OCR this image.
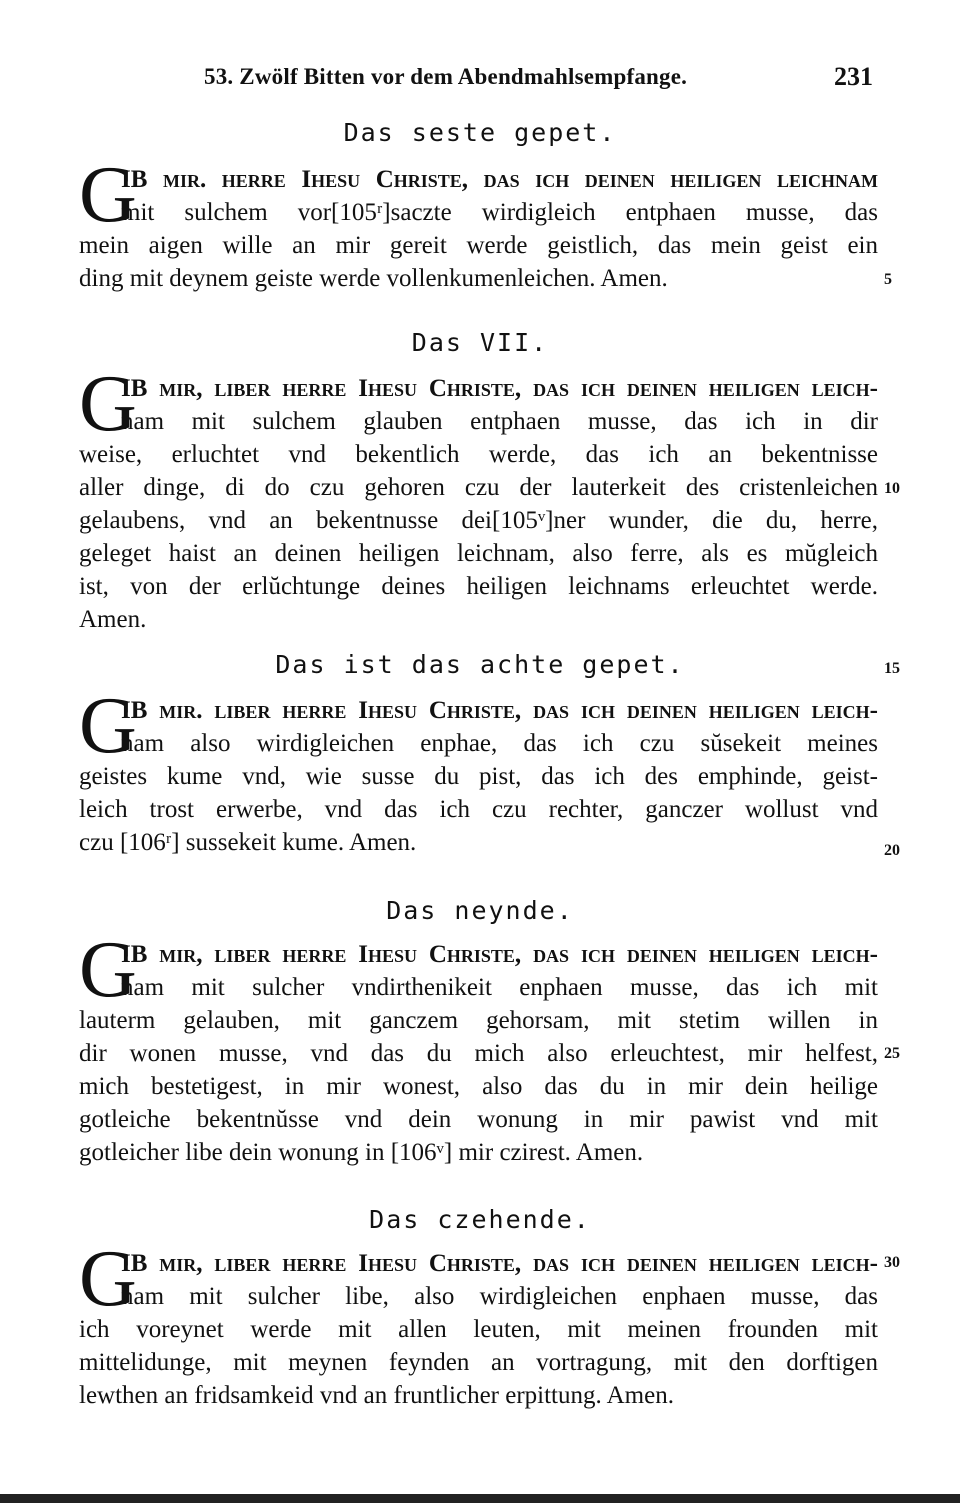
53. Zwölf Bitten vor dem Abendmahlsempfange.	231
Das seste gepet.
G
IB mir. herre Ihesu Christe, das ich deinen heiligen leichnam
mit sulchem vor[105ʳ]saczte wirdigleich entphaen musse, das
mein aigen wille an mir gereit werde geistlich, das mein geist ein
ding mit deynem geiste werde vollenkumenleichen. Amen.	5
Das VII.
G
IB mir, liber herre Ihesu Christe, das ich deinen heiligen leich-
nam mit sulchem glauben entphaen musse, das ich in dir
weise, erluchtet vnd bekentlich werde, das ich an bekentnisse
aller dinge, di do czu gehoren czu der lauterkeit des cristenleichen
gelaubens, vnd an bekentnusse dei[105ᵛ]ner wunder, die du, herre,
geleget haist an deinen heiligen leichnam, also ferre, als es mŭgleich
ist, von der erlŭchtunge deines heiligen leichnams erleuchtet werde.
Amen.
10
Das ist das achte gepet.	15
G
IB mir. liber herre Ihesu Christe, das ich deinen heiligen leich-
nam also wirdigleichen enphae, das ich czu sŭsekeit meines
geistes kume vnd, wie susse du pist, das ich des emphinde, geist-
leich trost erwerbe, vnd das ich czu rechter, ganczer wollust vnd
czu [106ʳ] sussekeit kume. Amen.	20
Das neynde.
G
IB mir, liber herre Ihesu Christe, das ich deinen heiligen leich-
nam mit sulcher vndirthenikeit enphaen musse, das ich mit
lauterm gelauben, mit ganczem gehorsam, mit stetim willen in
dir wonen musse, vnd das du mich also erleuchtest, mir helfest,
mich bestetigest, in mir wonest, also das du in mir dein heilige
gotleiche bekentnŭsse vnd dein wonung in mir pawist vnd mit
gotleicher libe dein wonung in [106ᵛ] mir czirest. Amen.
25
Das czehende.
G
IB mir, liber herre Ihesu Christe, das ich deinen heiligen leich-
nam mit sulcher libe, also wirdigleichen enphaen musse, das
ich voreynet werde mit allen leuten, mit meinen frounden mit
mittelidunge, mit meynen feynden an vortragung, mit den dorftigen
lewthen an fridsamkeid vnd an fruntlicher erpittung. Amen.
30
